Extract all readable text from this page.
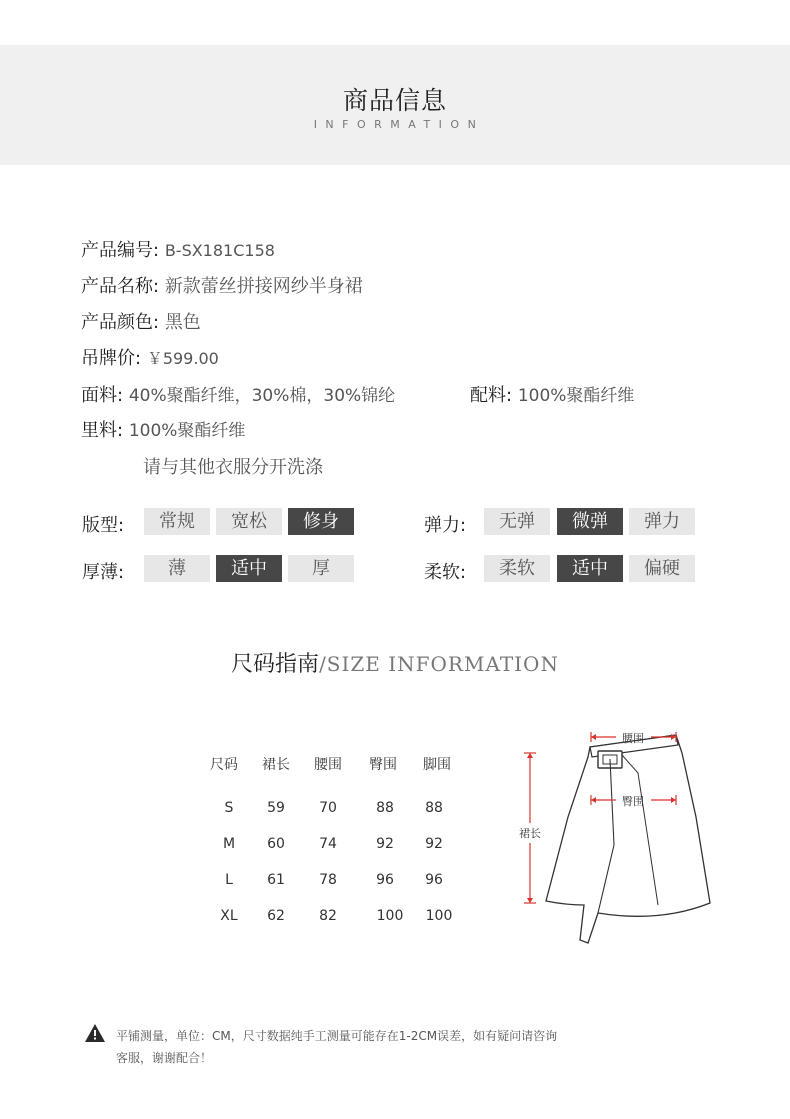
商品信息
INFORMATION
产品编号: B-SX181C158
产品名称: 新款蕾丝拼接网纱半身裙
产品颜色: 黑色
吊牌价: ￥599.00
面料: 40%聚酯纤维，30%棉，30%锦纶	配料: 100%聚酯纤维
里料: 100%聚酯纤维
请与其他衣服分开洗涤
版型:	常规	宽松	修身	弹力:	无弹	微弹	弹力
厚薄:	薄	适中	厚	柔软:	柔软	适中	偏硬
尺码指南/SIZE INFORMATION
尺码	裙长	腰围	臀围	脚围
S	59	70	88	88
M	60	74	92	92
L	61	78	96	96
XL	62	82	100	100
腰围
臀围
裙长
平铺测量，单位：CM，尺寸数据纯手工测量可能存在1-2CM误差，如有疑问请咨询
客服，谢谢配合！
